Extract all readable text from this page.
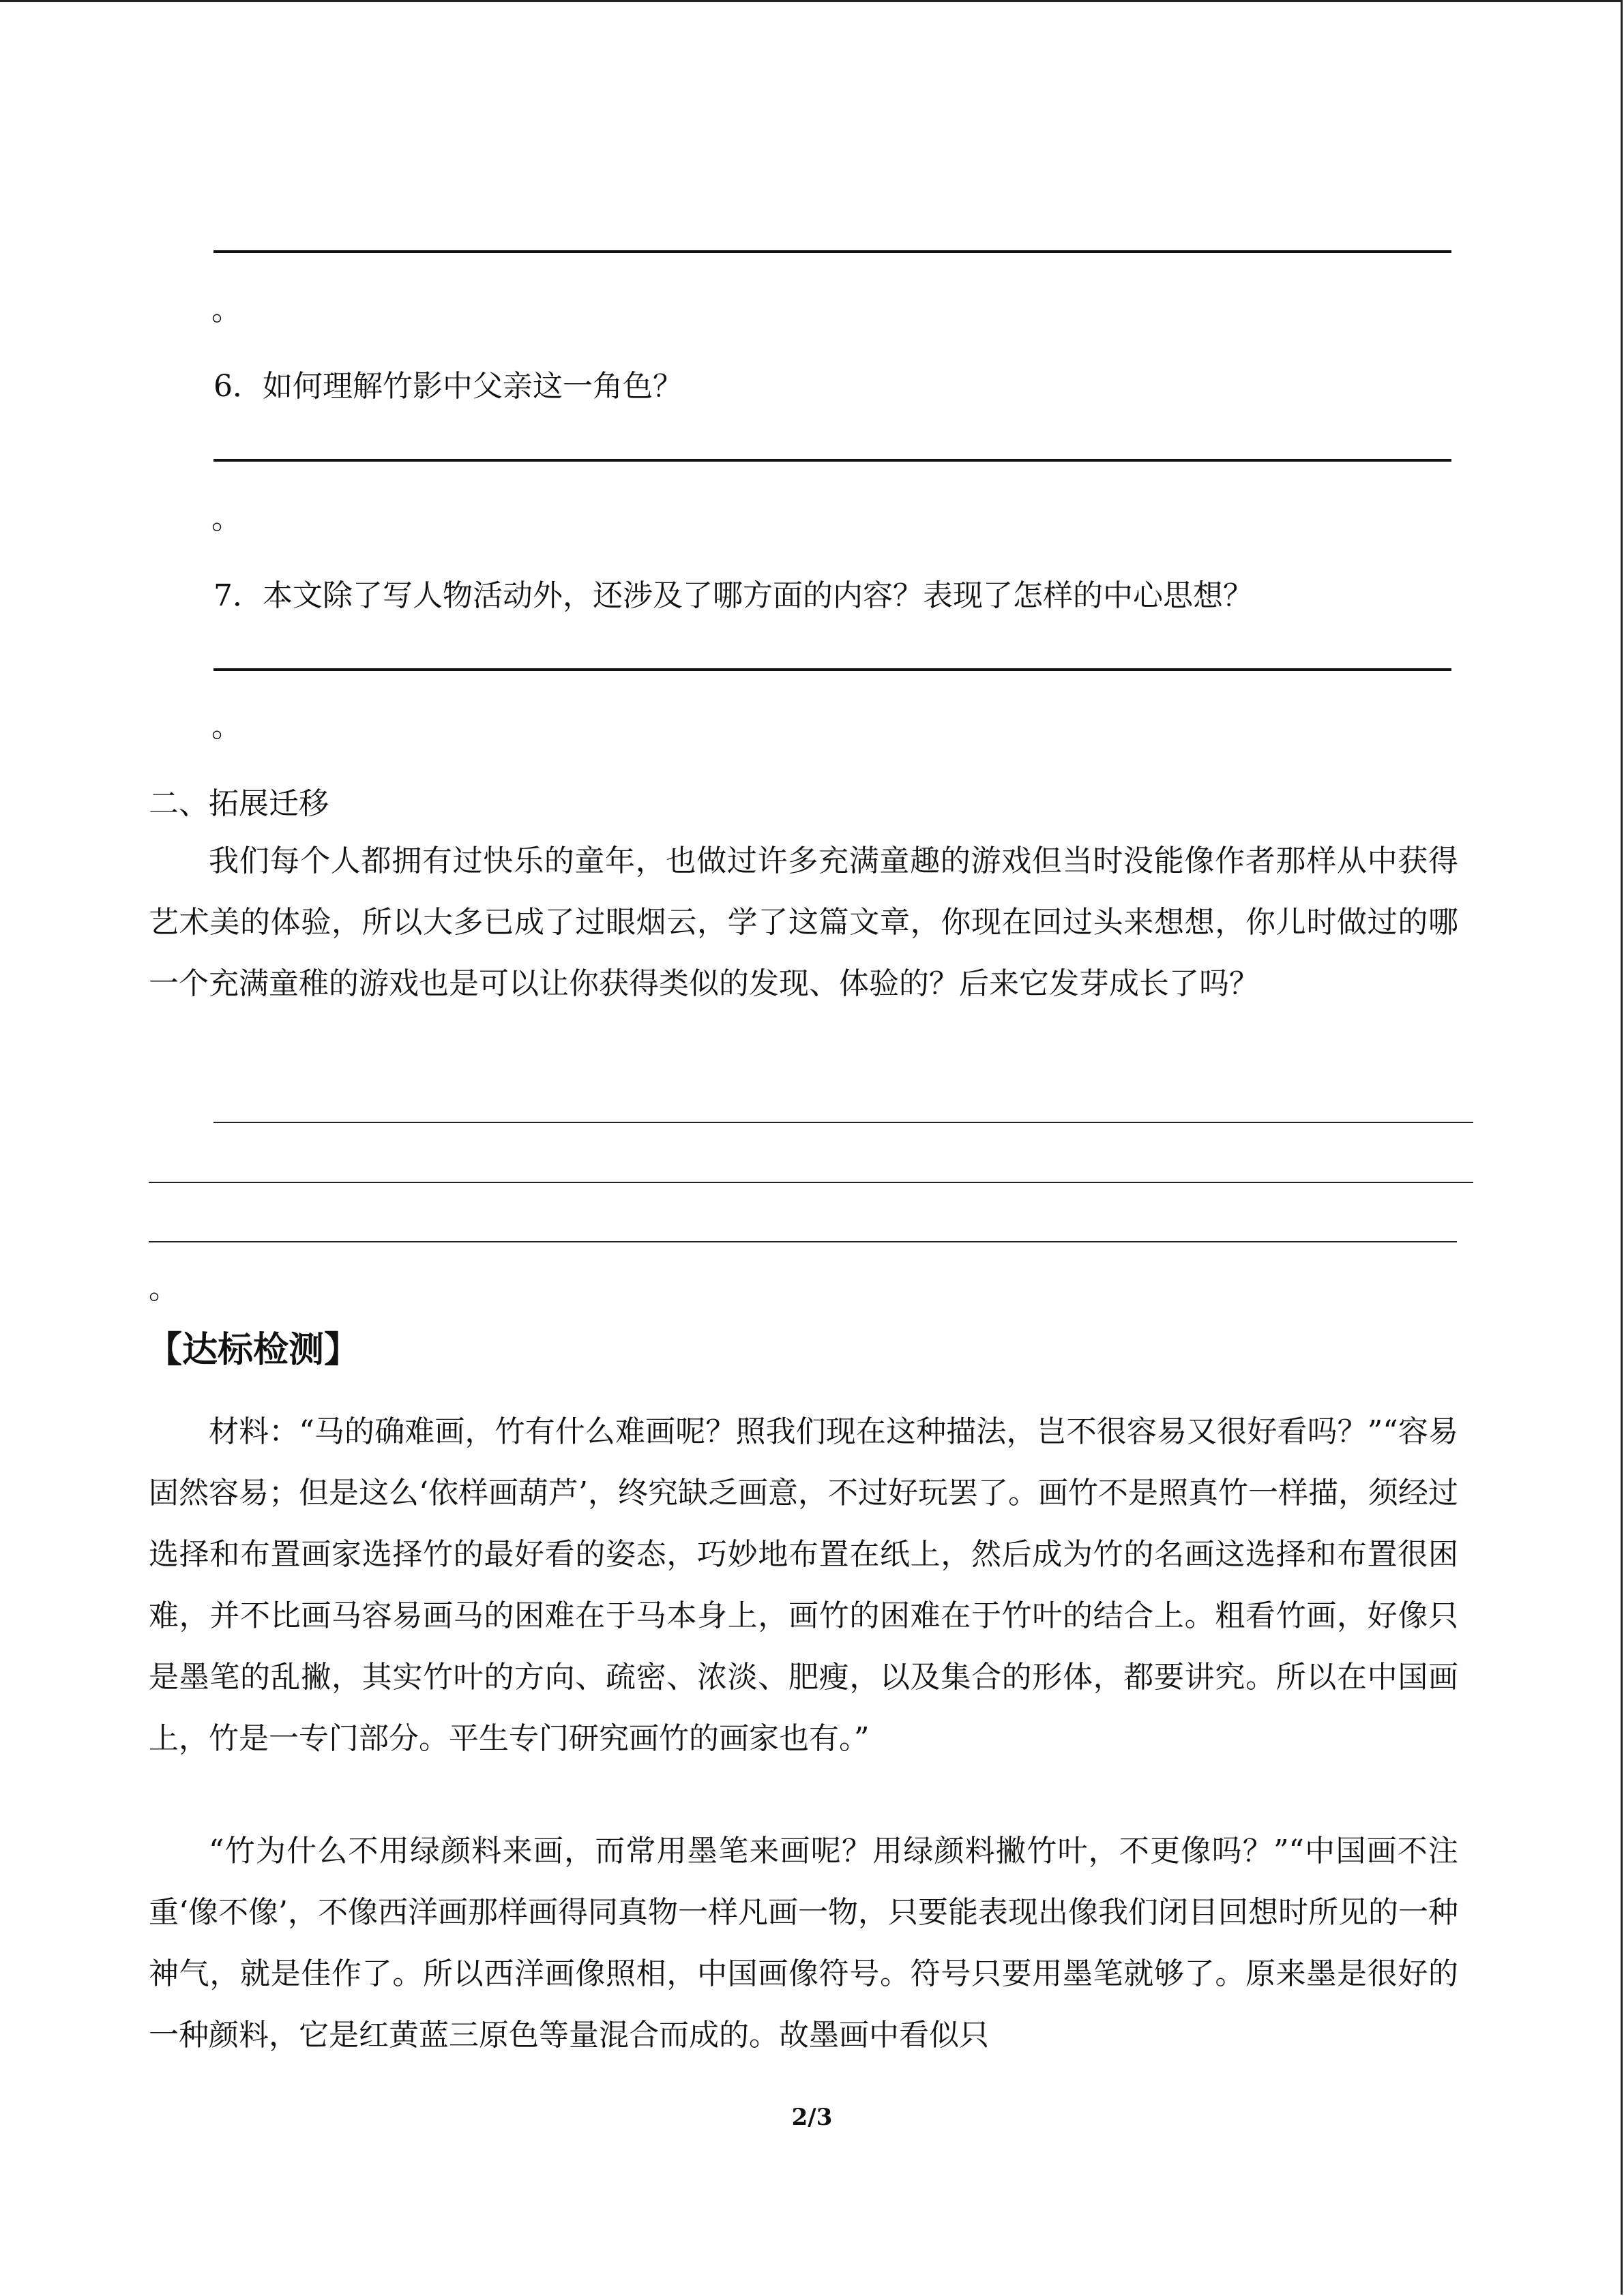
。
6．如何理解竹影中父亲这一角色？
。
7．本文除了写人物活动外，还涉及了哪方面的内容？表现了怎样的中心思想？
。
二、拓展迁移
我们每个人都拥有过快乐的童年，也做过许多充满童趣的游戏但当时没能像作者那样从中获得艺术美的体验，所以大多已成了过眼烟云，学了这篇文章，你现在回过头来想想，你儿时做过的哪一个充满童稚的游戏也是可以让你获得类似的发现、体验的？后来它发芽成长了吗？
。
【达标检测】
材料：“马的确难画，竹有什么难画呢？照我们现在这种描法，岂不很容易又很好看吗？”“容易固然容易；但是这么‘依样画葫芦’，终究缺乏画意，不过好玩罢了。画竹不是照真竹一样描，须经过选择和布置画家选择竹的最好看的姿态，巧妙地布置在纸上，然后成为竹的名画这选择和布置很困难，并不比画马容易画马的困难在于马本身上，画竹的困难在于竹叶的结合上。粗看竹画，好像只是墨笔的乱撇，其实竹叶的方向、疏密、浓淡、肥瘦，以及集合的形体，都要讲究。所以在中国画上，竹是一专门部分。平生专门研究画竹的画家也有。”
“竹为什么不用绿颜料来画，而常用墨笔来画呢？用绿颜料撇竹叶，不更像吗？”“中国画不注重‘像不像’，不像西洋画那样画得同真物一样凡画一物，只要能表现出像我们闭目回想时所见的一种神气，就是佳作了。所以西洋画像照相，中国画像符号。符号只要用墨笔就够了。原来墨是很好的一种颜料，它是红黄蓝三原色等量混合而成的。故墨画中看似只
2/3
